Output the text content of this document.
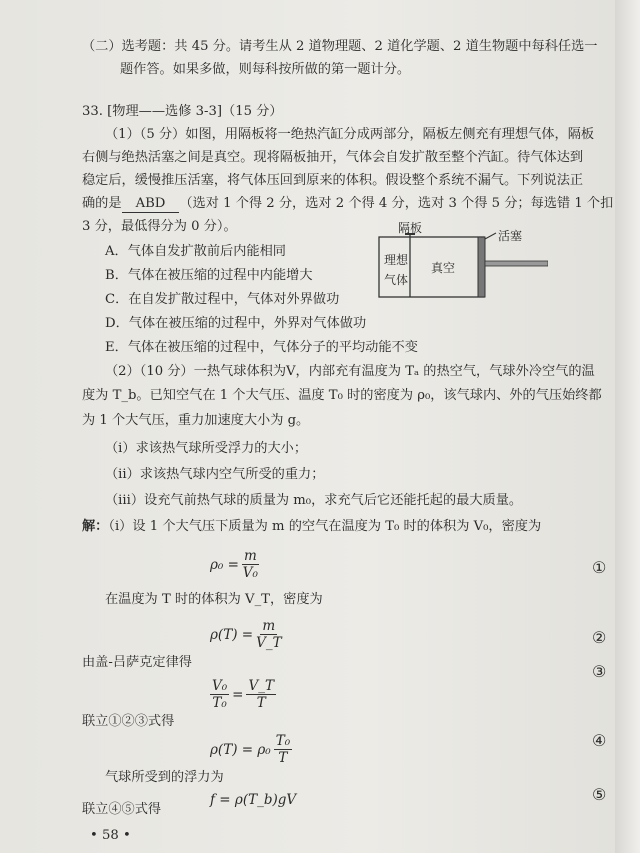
（二）选考题：共 45 分。请考生从 2 道物理题、2 道化学题、2 道生物题中每科任选一
题作答。如果多做，则每科按所做的第一题计分。
33. [物理——选修 3-3]（15 分）
（1）（5 分）如图，用隔板将一绝热汽缸分成两部分，隔板左侧充有理想气体，隔板
右侧与绝热活塞之间是真空。现将隔板抽开，气体会自发扩散至整个汽缸。待气体达到
稳定后，缓慢推压活塞，将气体压回到原来的体积。假设整个系统不漏气。下列说法正
确的是 ABD （选对 1 个得 2 分，选对 2 个得 4 分，选对 3 个得 5 分；每选错 1 个扣
3 分，最低得分为 0 分）。
A．气体自发扩散前后内能相同
B．气体在被压缩的过程中内能增大
C．在自发扩散过程中，气体对外界做功
D．气体在被压缩的过程中，外界对气体做功
E．气体在被压缩的过程中，气体分子的平均动能不变
隔板
活塞
理想
气体
真空
（2）（10 分）一热气球体积为V，内部充有温度为 Tₐ 的热空气，气球外冷空气的温
度为 T_b。已知空气在 1 个大气压、温度 T₀ 时的密度为 ρ₀，该气球内、外的气压始终都
为 1 个大气压，重力加速度大小为 g。
（i）求该热气球所受浮力的大小；
（ii）求该热气球内空气所受的重力；
（iii）设充气前热气球的质量为 m₀，求充气后它还能托起的最大质量。
解：（i）设 1 个大气压下质量为 m 的空气在温度为 T₀ 时的体积为 V₀，密度为
$\rho_0 = \frac{m}{\text{V₀}}$	①
在温度为 T 时的体积为 V_T，密度为
$\rho(T) = \frac{m}{V\_T}$	②
由盖-吕萨克定律得
$\frac{\text{V₀}}{\text{T₀}} = \frac{V\_T}{T}$
③
联立①②③式得
$\rho(T) = \rho_0 \frac{\text{T₀}}{T}$	④
气球所受到的浮力为
f = ρ(T_b)gV	⑤
联立④⑤式得
• 58 •
